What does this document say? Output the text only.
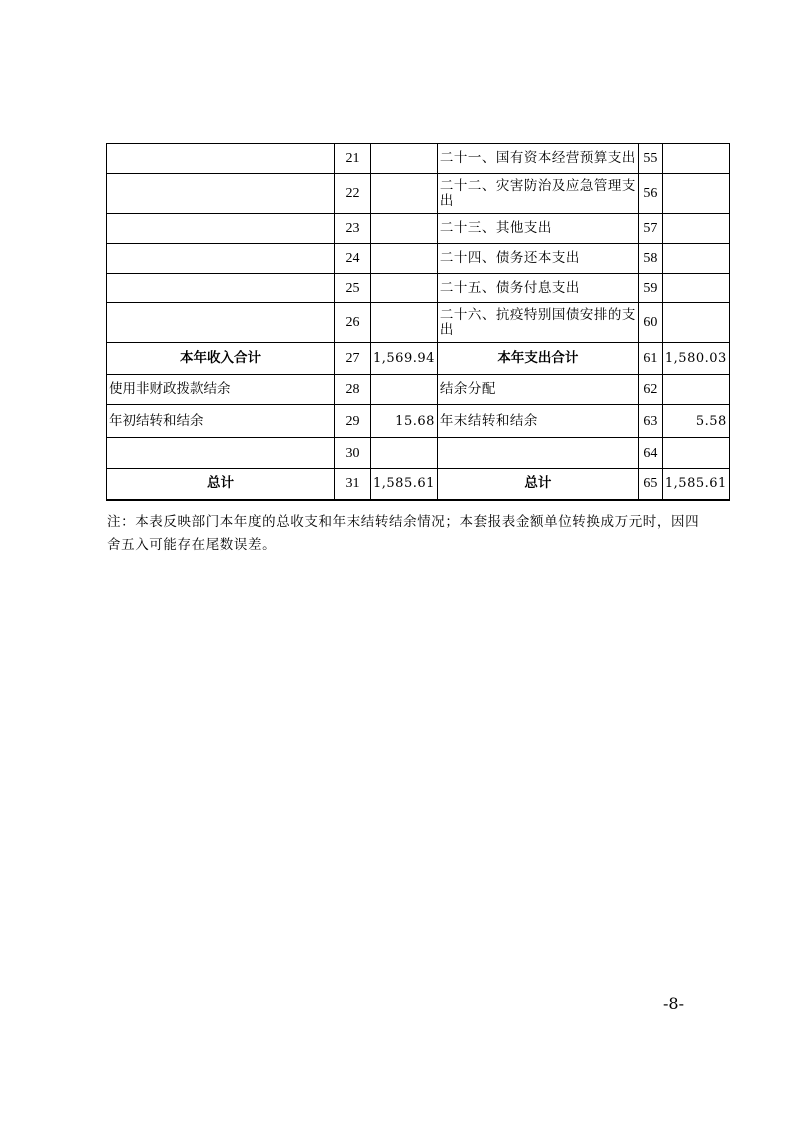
	21		二十一、国有资本经营预算支出	55	
	22		二十二、灾害防治及应急管理支出	56	
	23		二十三、其他支出	57	
	24		二十四、债务还本支出	58	
	25		二十五、债务付息支出	59	
	26		二十六、抗疫特别国债安排的支出	60	
本年收入合计	27	1,569.94	本年支出合计	61	1,580.03
使用非财政拨款结余	28		结余分配	62	
年初结转和结余	29	15.68	年末结转和结余	63	5.58
	30			64	
总计	31	1,585.61	总计	65	1,585.61
注：本表反映部门本年度的总收支和年末结转结余情况；本套报表金额单位转换成万元时，因四舍五入可能存在尾数误差。
-8-
